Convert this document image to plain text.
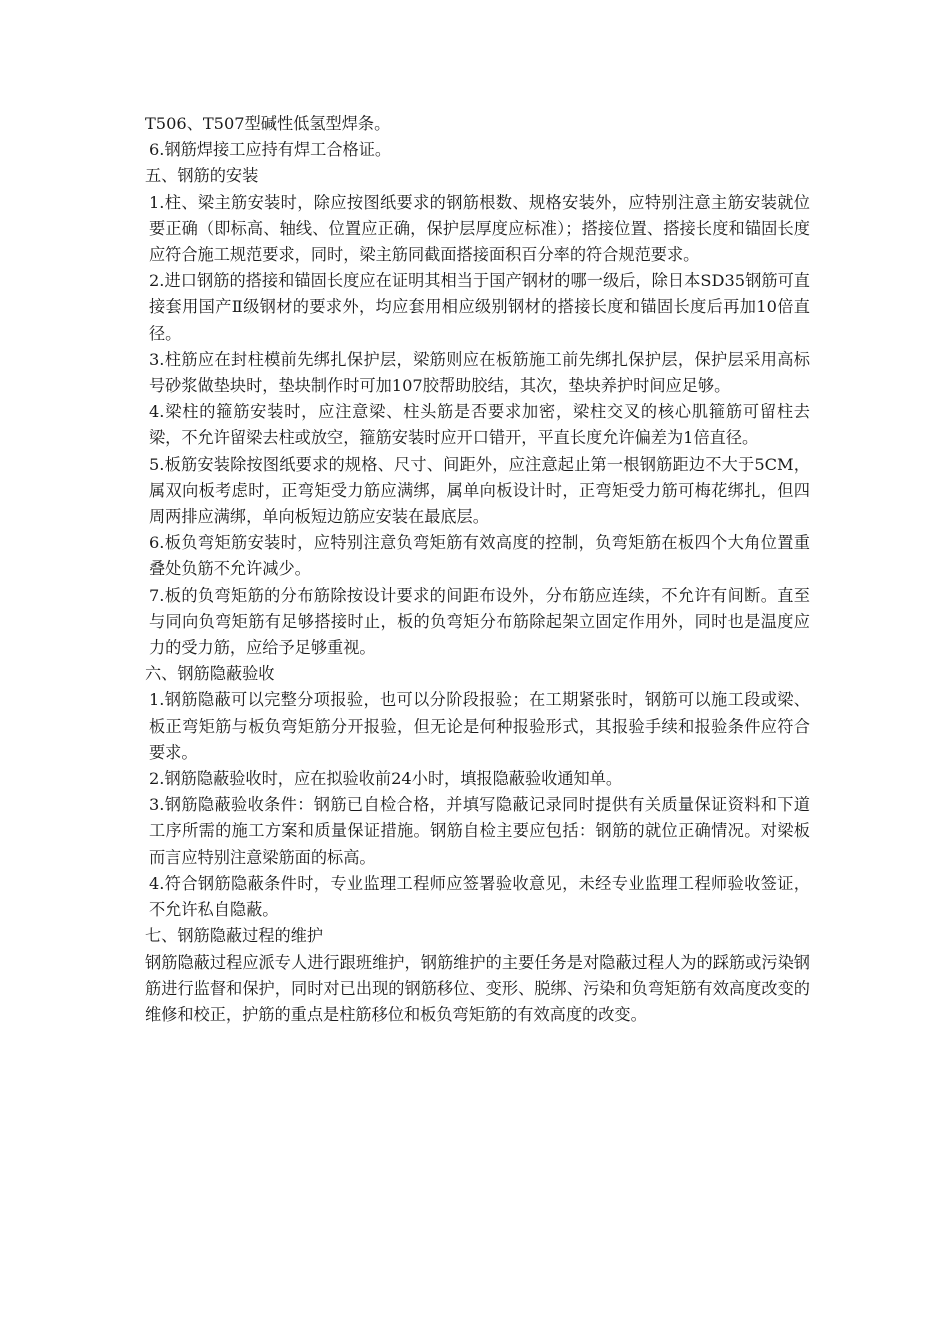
T506、T507型碱性低氢型焊条。

6.钢筋焊接工应持有焊工合格证。

五、钢筋的安装

1.柱、梁主筋安装时，除应按图纸要求的钢筋根数、规格安装外，应特别注意主筋安装就位要正确（即标高、轴线、位置应正确，保护层厚度应标准）；搭接位置、搭接长度和锚固长度应符合施工规范要求，同时，梁主筋同截面搭接面积百分率的符合规范要求。

2.进口钢筋的搭接和锚固长度应在证明其相当于国产钢材的哪一级后，除日本SD35钢筋可直接套用国产Ⅱ级钢材的要求外，均应套用相应级别钢材的搭接长度和锚固长度后再加10倍直径。

3.柱筋应在封柱模前先绑扎保护层，梁筋则应在板筋施工前先绑扎保护层，保护层采用高标号砂浆做垫块时，垫块制作时可加107胶帮助胶结，其次，垫块养护时间应足够。

4.梁柱的箍筋安装时，应注意梁、柱头筋是否要求加密，梁柱交叉的核心肌箍筋可留柱去梁，不允许留梁去柱或放空，箍筋安装时应开口错开，平直长度允许偏差为1倍直径。

5.板筋安装除按图纸要求的规格、尺寸、间距外，应注意起止第一根钢筋距边不大于5CM，属双向板考虑时，正弯矩受力筋应满绑，属单向板设计时，正弯矩受力筋可梅花绑扎，但四周两排应满绑，单向板短边筋应安装在最底层。

6.板负弯矩筋安装时，应特别注意负弯矩筋有效高度的控制，负弯矩筋在板四个大角位置重叠处负筋不允许减少。

7.板的负弯矩筋的分布筋除按设计要求的间距布设外，分布筋应连续，不允许有间断。直至与同向负弯矩筋有足够搭接时止，板的负弯矩分布筋除起架立固定作用外，同时也是温度应力的受力筋，应给予足够重视。

六、钢筋隐蔽验收

1.钢筋隐蔽可以完整分项报验，也可以分阶段报验；在工期紧张时，钢筋可以施工段或梁、板正弯矩筋与板负弯矩筋分开报验，但无论是何种报验形式，其报验手续和报验条件应符合要求。

2.钢筋隐蔽验收时，应在拟验收前24小时，填报隐蔽验收通知单。

3.钢筋隐蔽验收条件：钢筋已自检合格，并填写隐蔽记录同时提供有关质量保证资料和下道工序所需的施工方案和质量保证措施。钢筋自检主要应包括：钢筋的就位正确情况。对梁板而言应特别注意梁筋面的标高。

4.符合钢筋隐蔽条件时，专业监理工程师应签署验收意见，未经专业监理工程师验收签证，不允许私自隐蔽。

七、钢筋隐蔽过程的维护

钢筋隐蔽过程应派专人进行跟班维护，钢筋维护的主要任务是对隐蔽过程人为的踩筋或污染钢筋进行监督和保护，同时对已出现的钢筋移位、变形、脱绑、污染和负弯矩筋有效高度改变的维修和校正，护筋的重点是柱筋移位和板负弯矩筋的有效高度的改变。
